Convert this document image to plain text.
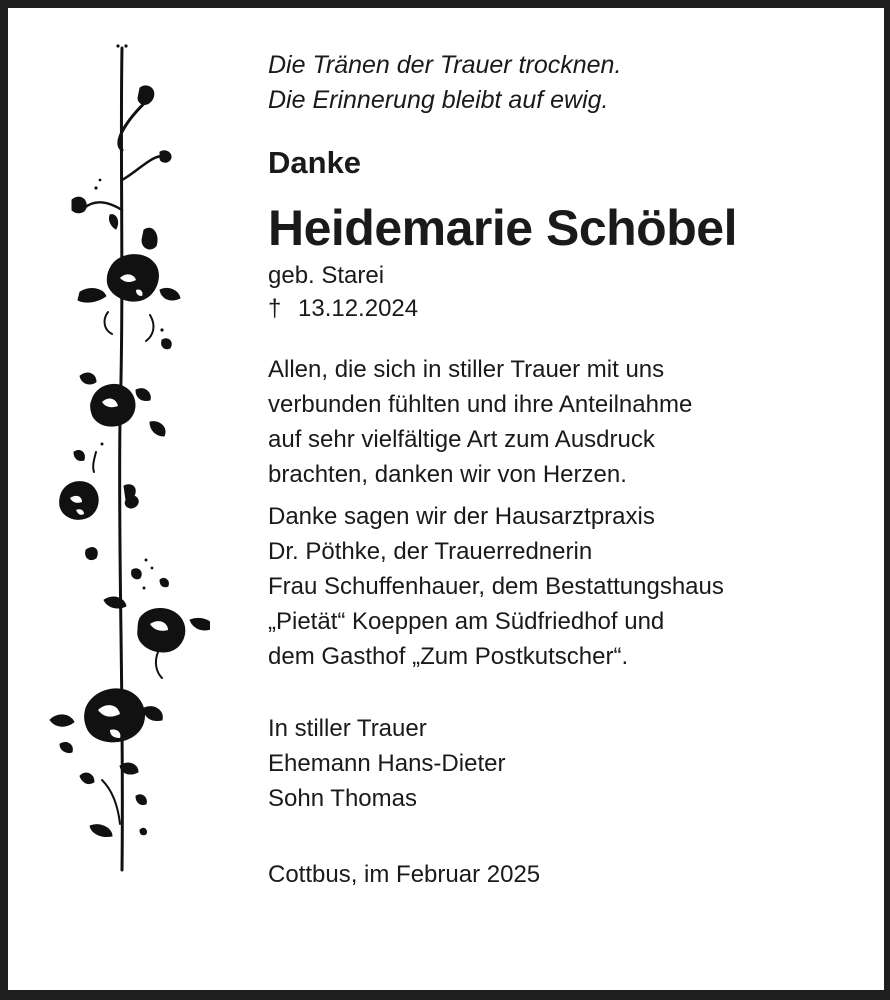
Die Tränen der Trauer trocknen.
Die Erinnerung bleibt auf ewig.
Danke
Heidemarie Schöbel
geb. Starei
† 13.12.2024
Allen, die sich in stiller Trauer mit uns
verbunden fühlten und ihre Anteilnahme
auf sehr vielfältige Art zum Ausdruck
brachten, danken wir von Herzen.
Danke sagen wir der Hausarztpraxis
Dr. Pöthke, der Trauerrednerin
Frau Schuffenhauer, dem Bestattungshaus
„Pietät“ Koeppen am Südfriedhof und
dem Gasthof „Zum Postkutscher“.
In stiller Trauer
Ehemann Hans-Dieter
Sohn Thomas
Cottbus, im Februar 2025
